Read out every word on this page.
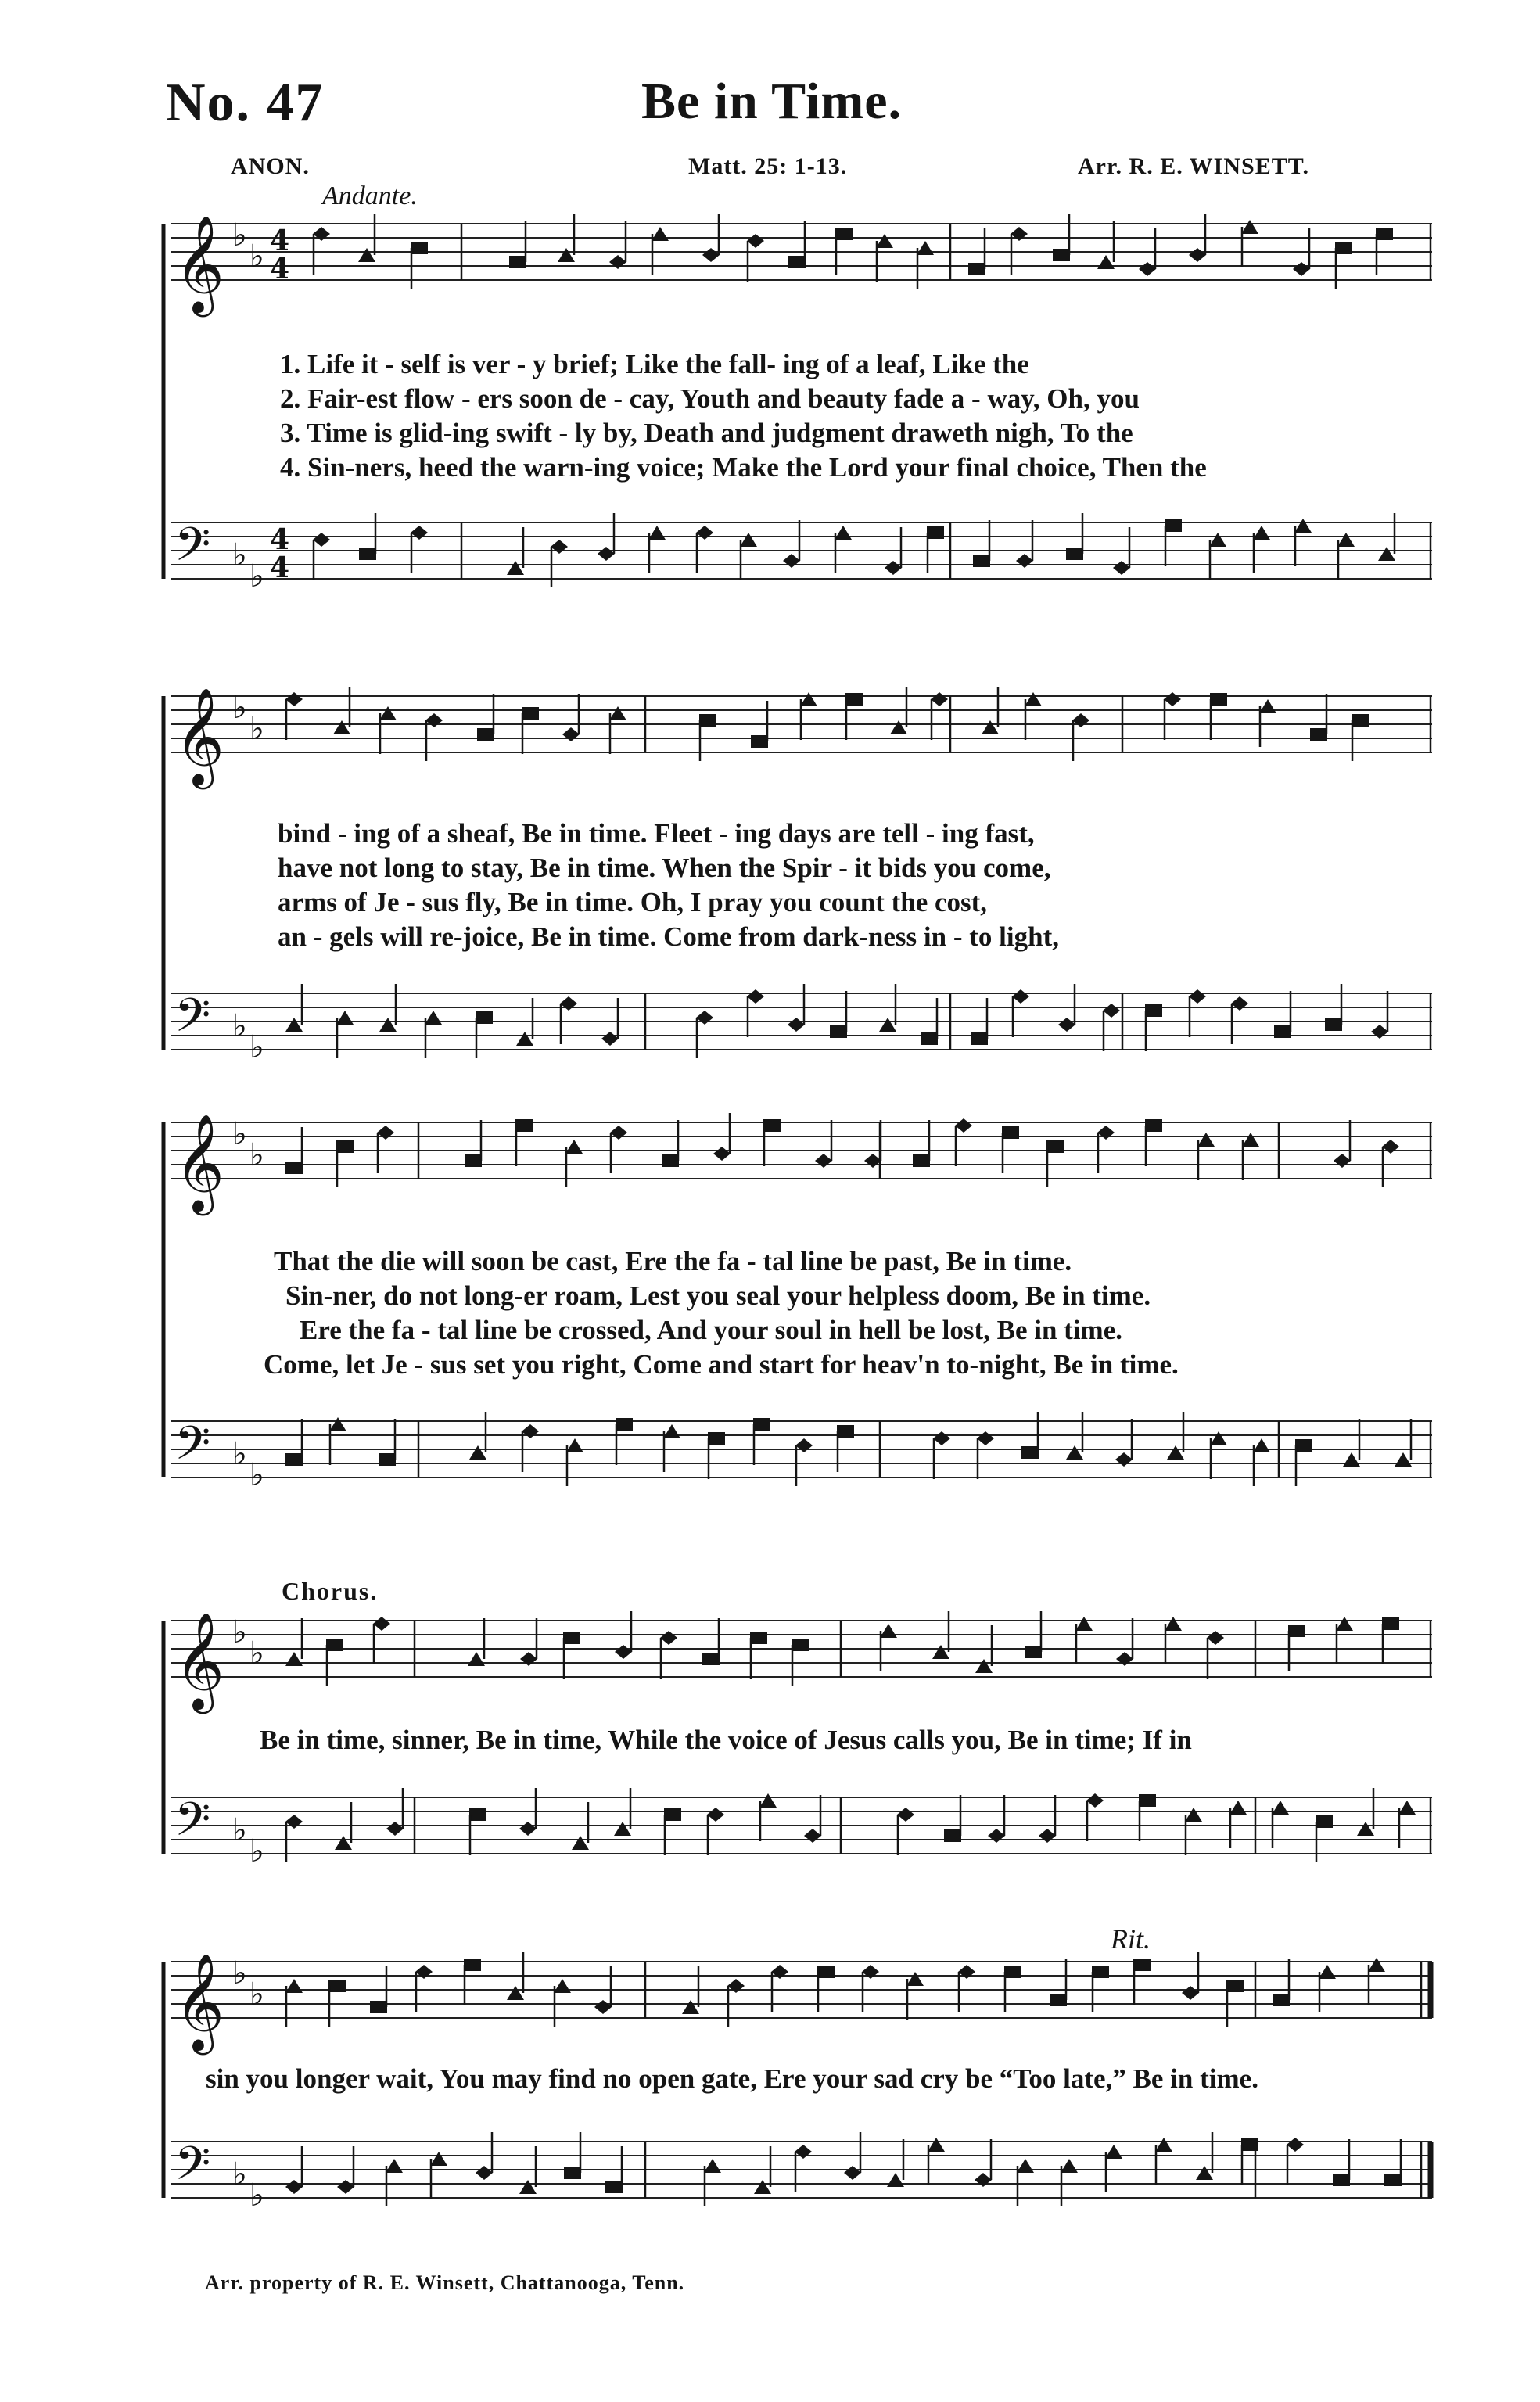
No. 47	Be in Time.
ANON.	Matt. 25: 1-13.	Arr. R. E. WINSETT.
Andante.
𝄞 ♭
♭ 4
4
𝄢 ♭
♭
4
4
1. Life it - self is ver - y brief; Like the fall- ing of a leaf, Like the
2. Fair-est flow - ers soon de - cay, Youth and beauty fade a - way, Oh, you
3. Time is glid-ing swift - ly by, Death and judgment draweth nigh, To the
4. Sin-ners, heed the warn-ing voice; Make the Lord your final choice, Then the
𝄞 ♭
♭
𝄢 ♭
♭
bind - ing of a sheaf, Be in time. Fleet - ing days are tell - ing fast,
have not long to stay, Be in time. When the Spir - it bids you come,
arms of Je - sus fly, Be in time. Oh, I pray you count the cost,
an - gels will re-joice, Be in time. Come from dark-ness in - to light,
𝄞 ♭
♭
𝄢 ♭
♭
That the die will soon be cast, Ere the fa - tal line be past, Be in time.
Sin-ner, do not long-er roam, Lest you seal your helpless doom, Be in time.
Ere the fa - tal line be crossed, And your soul in hell be lost, Be in time.
Come, let Je - sus set you right, Come and start for heav'n to-night, Be in time.
Chorus.
𝄞 ♭
♭
𝄢 ♭
♭
Be in time, sinner, Be in time, While the voice of Jesus calls you, Be in time; If in
Rit.
𝄞 ♭
♭
𝄢 ♭
♭
sin you longer wait, You may find no open gate, Ere your sad cry be “Too late,” Be in time.
Arr. property of R. E. Winsett, Chattanooga, Tenn.
